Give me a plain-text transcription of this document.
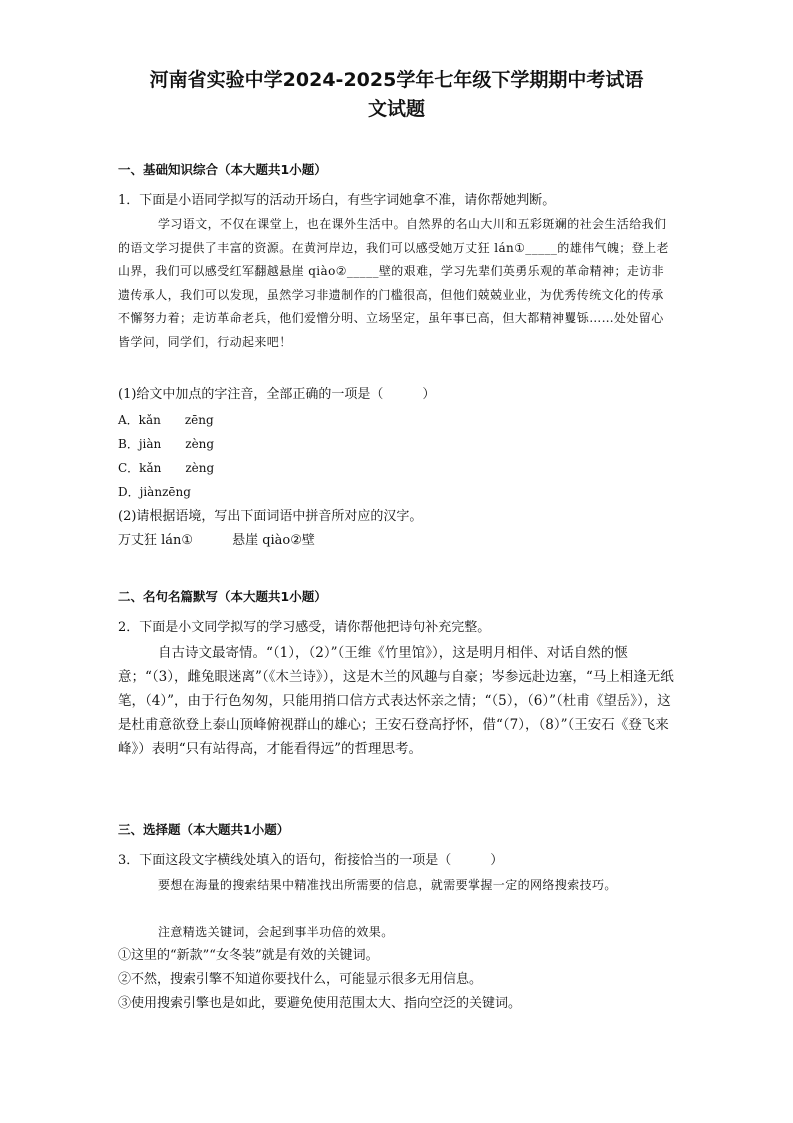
河南省实验中学2024-2025学年七年级下学期期中考试语
文试题
一、基础知识综合（本大题共1小题）
1．下面是小语同学拟写的活动开场白，有些字词她拿不准，请你帮她判断。
学习语文，不仅在课堂上，也在课外生活中。自然界的名山大川和五彩斑斓的社会生活给我们的语文学习提供了丰富的资源。在黄河岸边，我们可以感受她万丈狂 lán①_____的雄伟气魄；登上老山界，我们可以感受红军翻越悬崖 qiào②_____壁的艰难，学习先辈们英勇乐观的革命精神；走访非遗传承人，我们可以发现，虽然学习非遗制作的门槛很高，但他们兢兢业业，为优秀传统文化的传承不懈努力着；走访革命老兵，他们爱憎分明、立场坚定，虽年事已高，但大都精神矍铄……处处留心皆学问，同学们，行动起来吧！
(1)给文中加点的字注音，全部正确的一项是（　　　）
A．kǎn　　zēng
B．jiàn　　zèng
C．kǎn　　zèng
D．jiànzēng
(2)请根据语境，写出下面词语中拼音所对应的汉字。
万丈狂 lán①　　　悬崖 qiào②壁
二、名句名篇默写（本大题共1小题）
2．下面是小文同学拟写的学习感受，请你帮他把诗句补充完整。
自古诗文最寄情。“（1），（2）”（王维《竹里馆》），这是明月相伴、对话自然的惬意；“（3），雌兔眼迷离”（《木兰诗》），这是木兰的风趣与自豪；岑参远赴边塞，“马上相逢无纸笔，（4）”，由于行色匆匆，只能用捎口信方式表达怀亲之情；“（5），（6）”（杜甫《望岳》），这是杜甫意欲登上泰山顶峰俯视群山的雄心；王安石登高抒怀，借“（7），（8）”（王安石《登飞来峰》）表明“只有站得高，才能看得远”的哲理思考。
三、选择题（本大题共1小题）
3．下面这段文字横线处填入的语句，衔接恰当的一项是（　　　）
要想在海量的搜索结果中精准找出所需要的信息，就需要掌握一定的网络搜索技巧。
注意精选关键词，会起到事半功倍的效果。
①这里的“新款”“女冬装”就是有效的关键词。
②不然，搜索引擎不知道你要找什么，可能显示很多无用信息。
③使用搜索引擎也是如此，要避免使用范围太大、指向空泛的关键词。
